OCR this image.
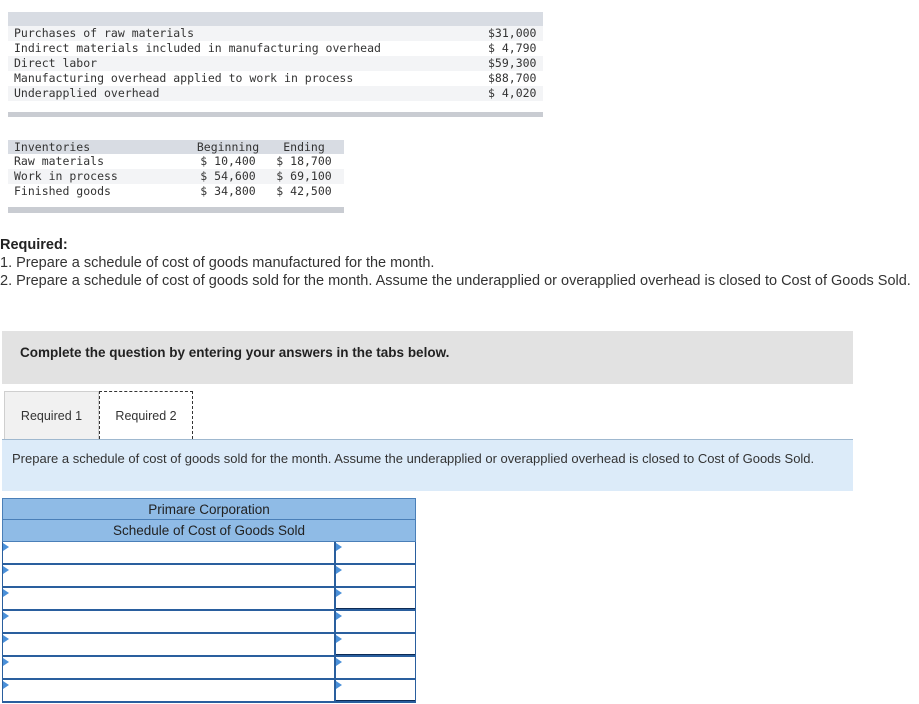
Purchases of raw materials	$31,000
Indirect materials included in manufacturing overhead	$ 4,790
Direct labor	$59,300
Manufacturing overhead applied to work in process	$88,700
Underapplied overhead	$ 4,020
Inventories	Beginning	Ending
Raw materials	$ 10,400	$ 18,700
Work in process	$ 54,600	$ 69,100
Finished goods	$ 34,800	$ 42,500
Required:
1. Prepare a schedule of cost of goods manufactured for the month.
2. Prepare a schedule of cost of goods sold for the month. Assume the underapplied or overapplied overhead is closed to Cost of Goods Sold.
Complete the question by entering your answers in the tabs below.
Required 1	Required 2
Prepare a schedule of cost of goods sold for the month. Assume the underapplied or overapplied overhead is closed to Cost of Goods Sold.
Primare Corporation
Schedule of Cost of Goods Sold
